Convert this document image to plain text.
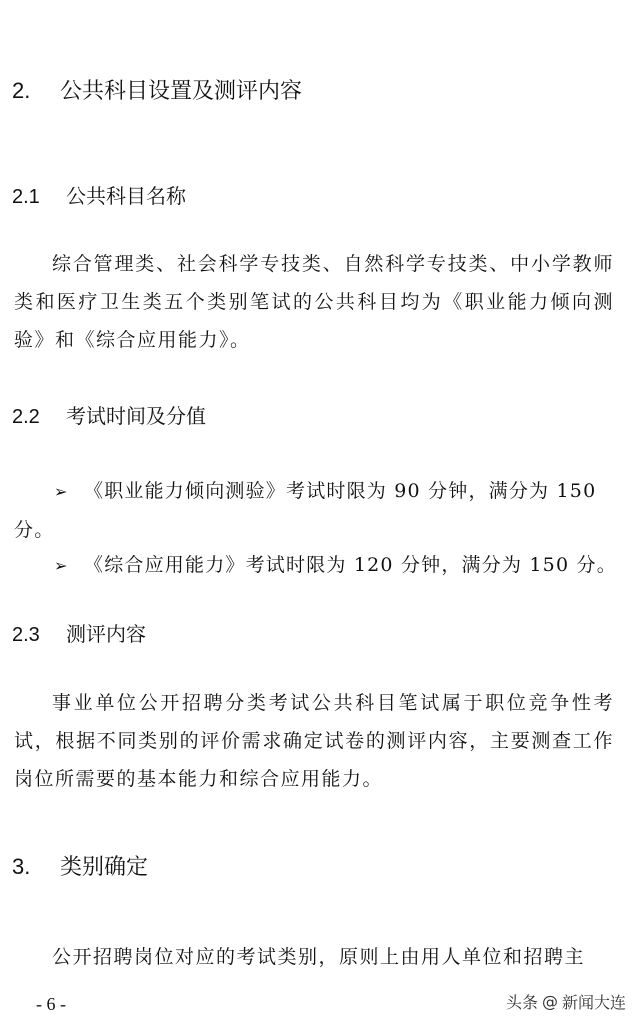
2. 公共科目设置及测评内容
2.1 公共科目名称
综合管理类、社会科学专技类、自然科学专技类、中小学教师类和医疗卫生类五个类别笔试的公共科目均为《职业能力倾向测验》和《综合应用能力》。
2.2 考试时间及分值
➢ 《职业能力倾向测验》考试时限为 90 分钟，满分为 150 分。
➢ 《综合应用能力》考试时限为 120 分钟，满分为 150 分。
2.3 测评内容
事业单位公开招聘分类考试公共科目笔试属于职位竞争性考试，根据不同类别的评价需求确定试卷的测评内容，主要测查工作岗位所需要的基本能力和综合应用能力。
3. 类别确定
公开招聘岗位对应的考试类别，原则上由用人单位和招聘主
- 6 -	头条 @ 新闻大连
